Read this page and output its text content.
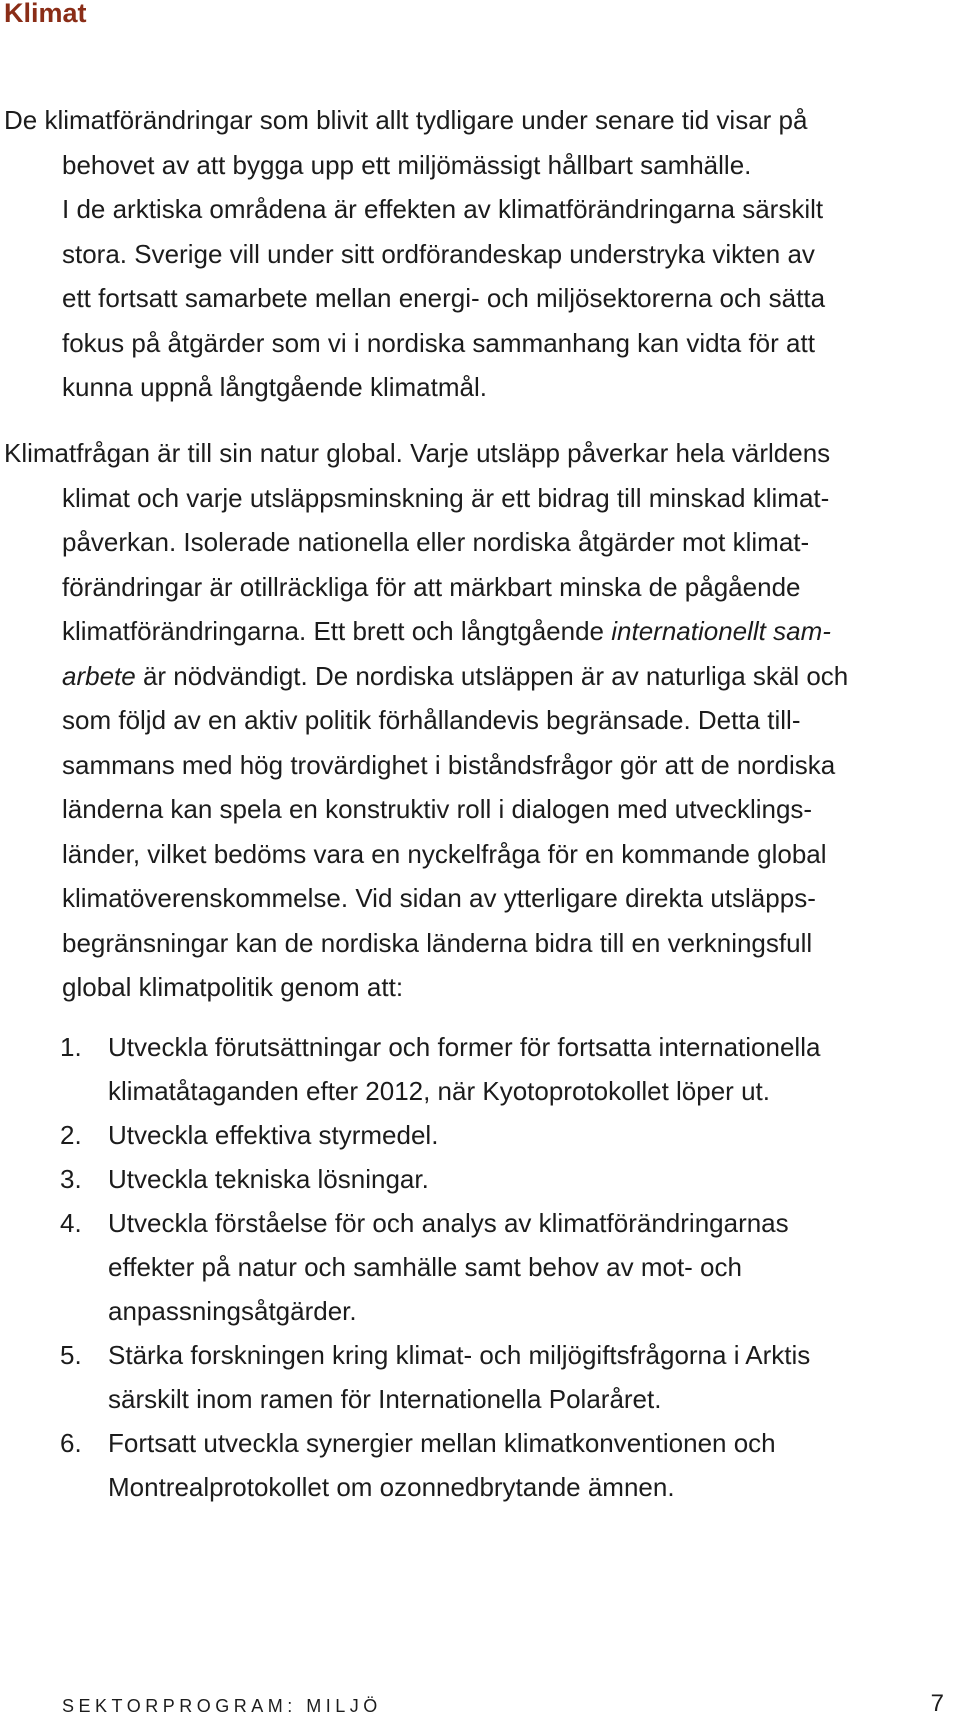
Klimat
De klimatförändringar som blivit allt tydligare under senare tid visar på
behovet av att bygga upp ett miljömässigt hållbart samhälle.
I de arktiska områdena är effekten av klimatförändringarna särskilt
stora. Sverige vill under sitt ordförandeskap understryka vikten av
ett fortsatt samarbete mellan energi- och miljösektorerna och sätta
fokus på åtgärder som vi i nordiska sammanhang kan vidta för att
kunna uppnå långtgående klimatmål.
Klimatfrågan är till sin natur global. Varje utsläpp påverkar hela världens
klimat och varje utsläppsminskning är ett bidrag till minskad klimat-
påverkan. Isolerade nationella eller nordiska åtgärder mot klimat-
förändringar är otillräckliga för att märkbart minska de pågående
klimatförändringarna. Ett brett och långtgående internationellt sam-
arbete är nödvändigt. De nordiska utsläppen är av naturliga skäl och
som följd av en aktiv politik förhållandevis begränsade. Detta till-
sammans med hög trovärdighet i biståndsfrågor gör att de nordiska
länderna kan spela en konstruktiv roll i dialogen med utvecklings-
länder, vilket bedöms vara en nyckelfråga för en kommande global
klimatöverenskommelse. Vid sidan av ytterligare direkta utsläpps-
begränsningar kan de nordiska länderna bidra till en verkningsfull
global klimatpolitik genom att:
1.	Utveckla förutsättningar och former för fortsatta internationella
klimatåtaganden efter 2012, när Kyotoprotokollet löper ut.
2.	Utveckla effektiva styrmedel.
3.	Utveckla tekniska lösningar.
4.	Utveckla förståelse för och analys av klimatförändringarnas
effekter på natur och samhälle samt behov av mot- och
anpassningsåtgärder.
5.	Stärka forskningen kring klimat- och miljögiftsfrågorna i Arktis
särskilt inom ramen för Internationella Polaråret.
6.	Fortsatt utveckla synergier mellan klimatkonventionen och
Montrealprotokollet om ozonnedbrytande ämnen.
SEKTORPROGRAM: MILJÖ	7
